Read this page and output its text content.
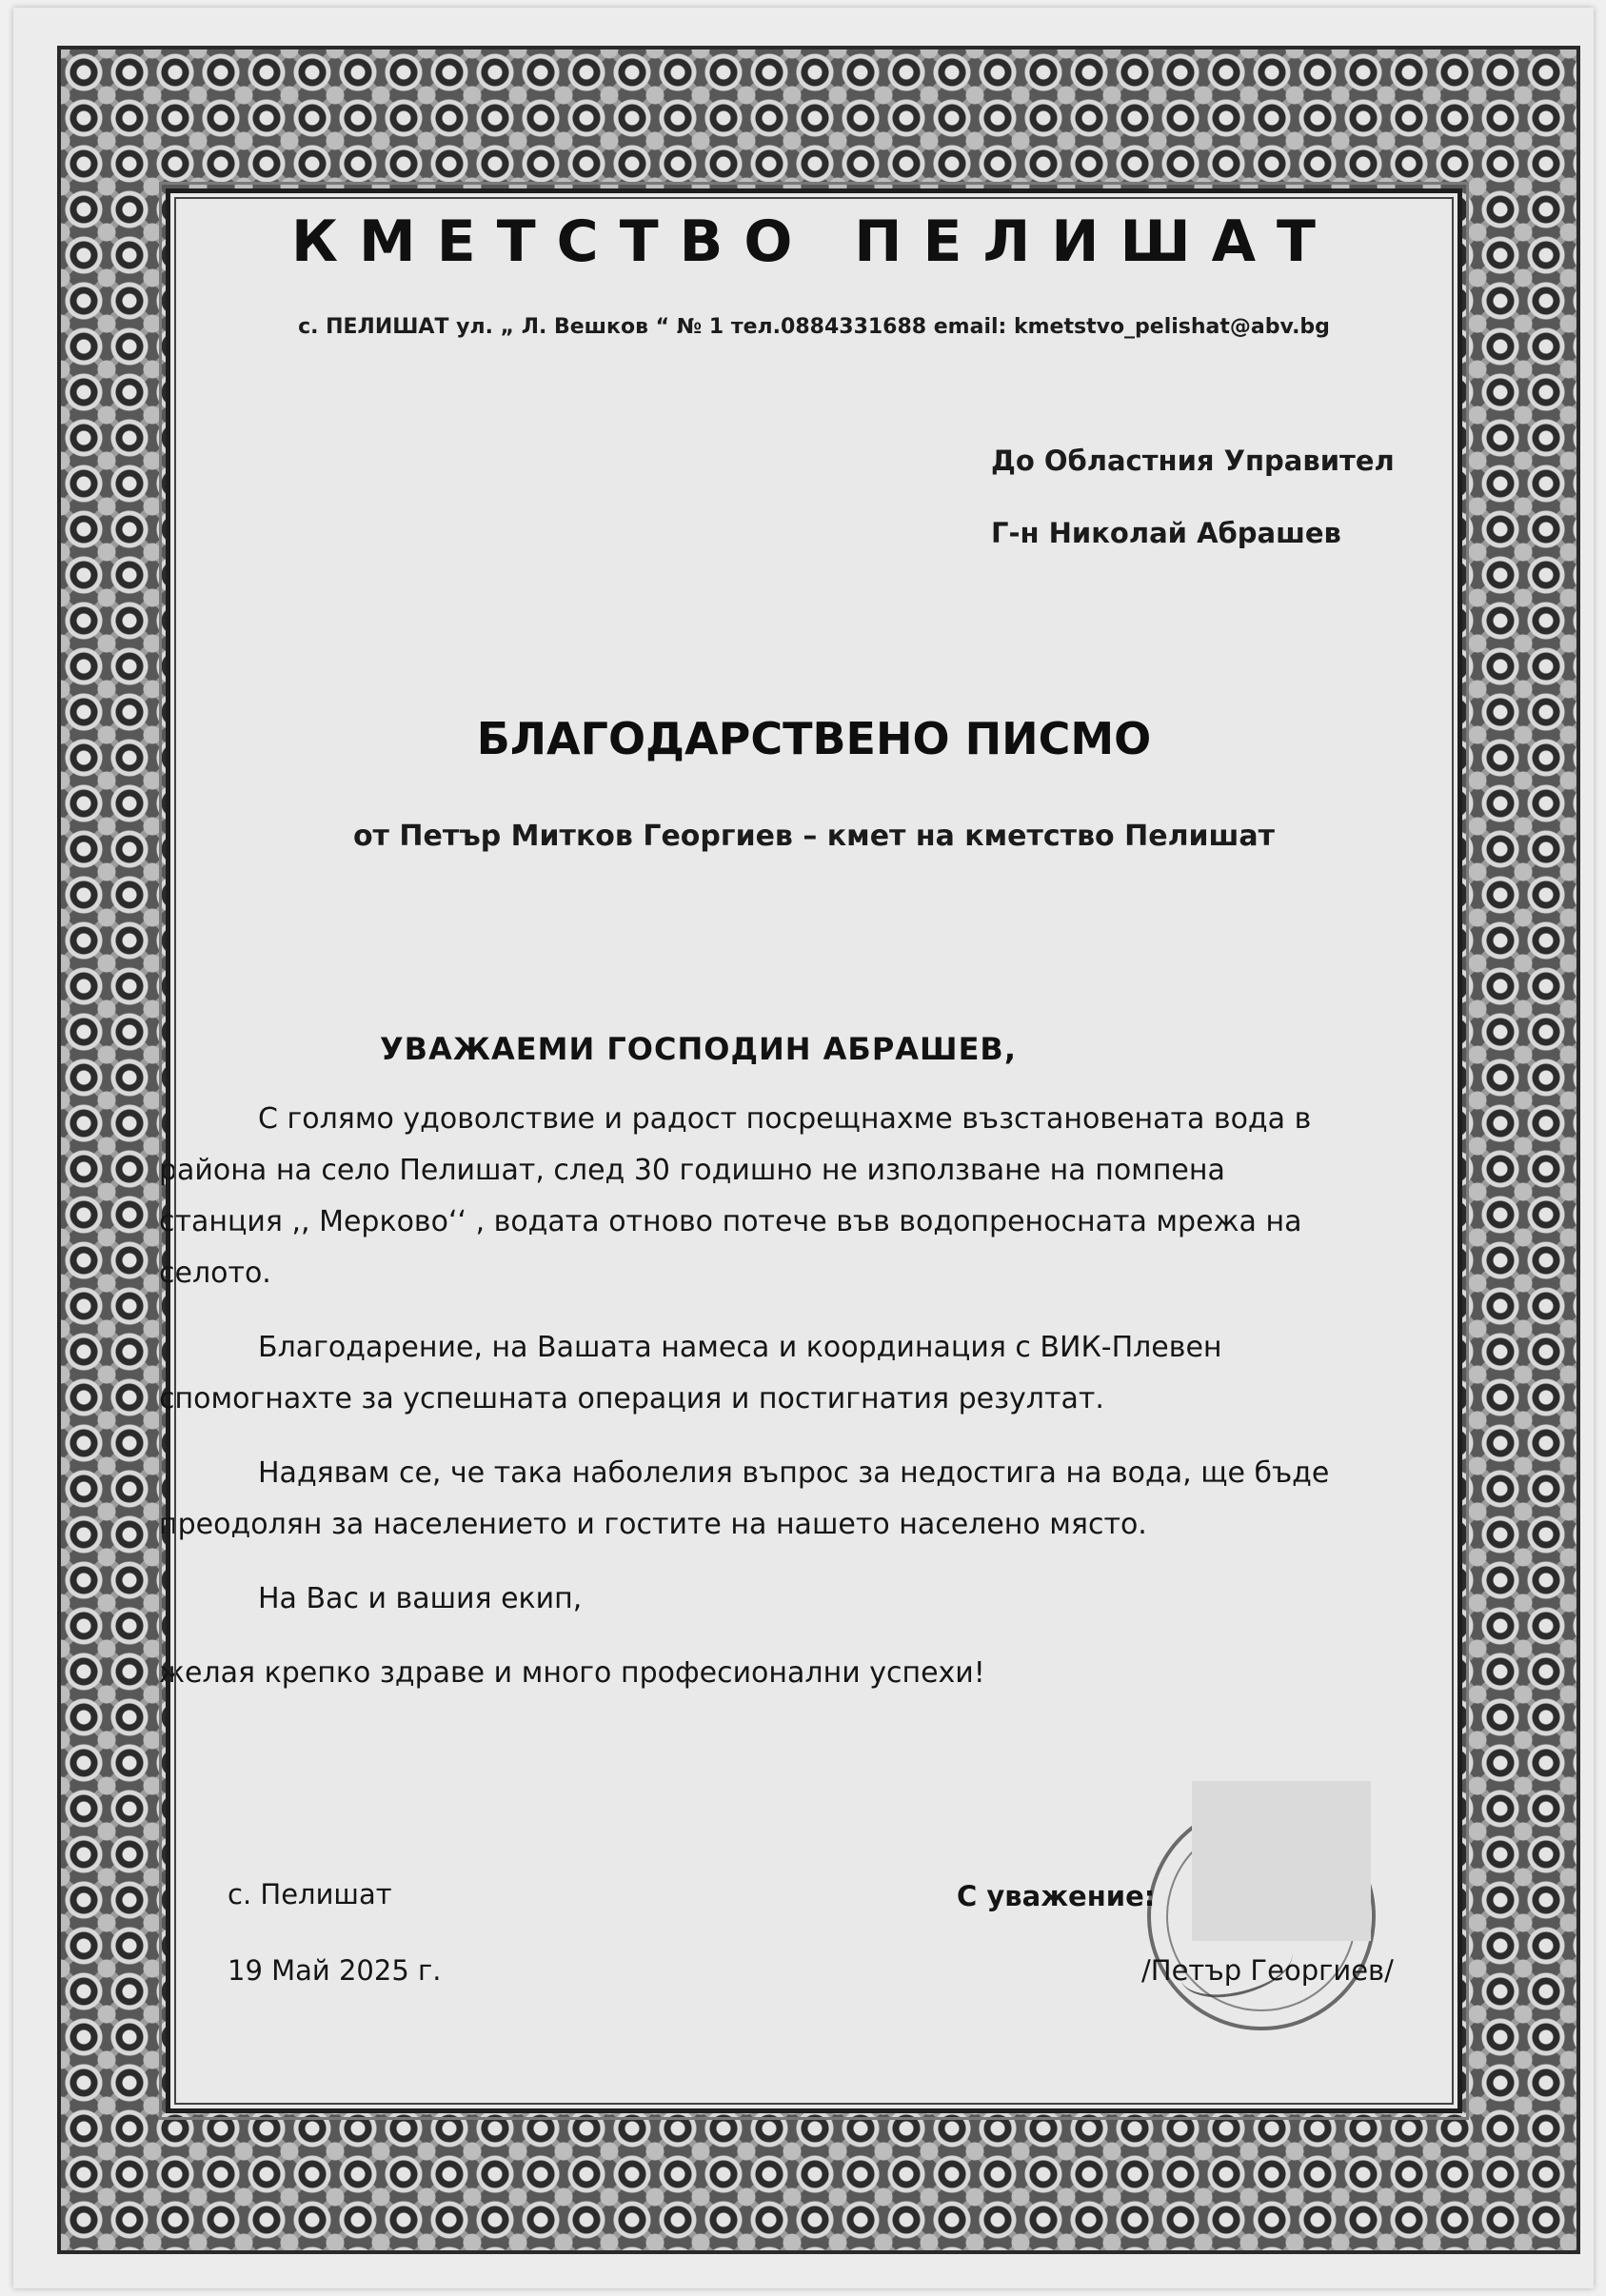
КМЕТСТВО ПЕЛИШАТ
с. ПЕЛИШАТ ул. „ Л. Вешков “ № 1 тел.0884331688 email: kmetstvo_pelishat@abv.bg
До Областния Управител
Г-н Николай Абрашев
БЛАГОДАРСТВЕНО ПИСМО
от Петър Митков Георгиев – кмет на кметство Пелишат
УВАЖАЕМИ ГОСПОДИН АБРАШЕВ,
С голямо удоволствие и радост посрещнахме възстановената вода в
района на село Пелишат, след 30 годишно не използване на помпена
станция ,, Мерково‘‘ , водата отново потече във водопреносната мрежа на
селото.
Благодарение, на Вашата намеса и координация с ВИК-Плевен
спомогнахте за успешната операция и постигнатия резултат.
Надявам се, че така наболелия въпрос за недостига на вода, ще бъде
преодолян за населението и гостите на нашето населено място.
На Вас и вашия екип,
желая крепко здраве и много професионални успехи!
с. Пелишат
19 Май 2025 г.
С уважение:
/Петър Георгиев/
